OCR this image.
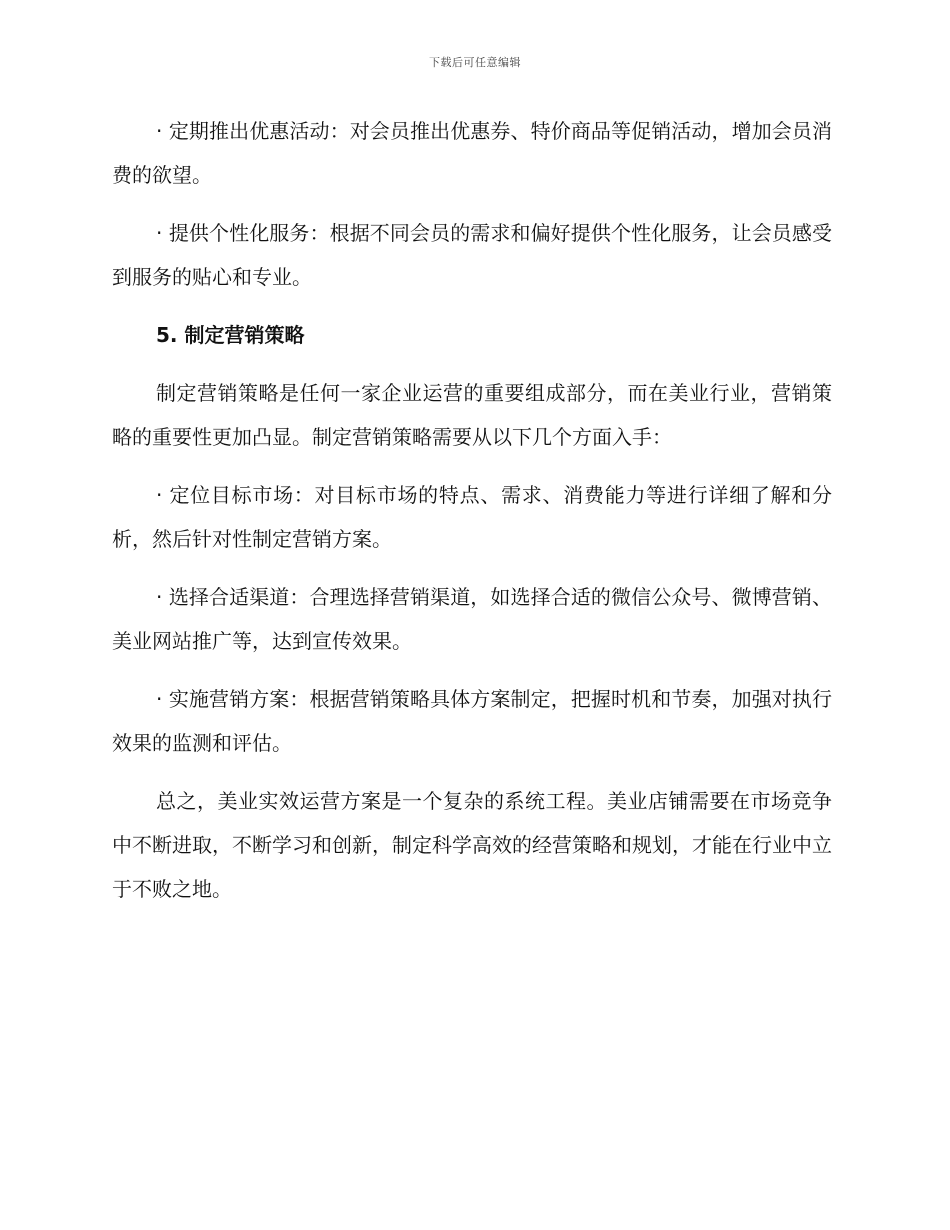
下载后可任意编辑

· 定期推出优惠活动：对会员推出优惠券、特价商品等促销活动，增加会员消费的欲望。

· 提供个性化服务：根据不同会员的需求和偏好提供个性化服务，让会员感受到服务的贴心和专业。

5. 制定营销策略

制定营销策略是任何一家企业运营的重要组成部分，而在美业行业，营销策略的重要性更加凸显。制定营销策略需要从以下几个方面入手：

· 定位目标市场：对目标市场的特点、需求、消费能力等进行详细了解和分析，然后针对性制定营销方案。

· 选择合适渠道：合理选择营销渠道，如选择合适的微信公众号、微博营销、美业网站推广等，达到宣传效果。

· 实施营销方案：根据营销策略具体方案制定，把握时机和节奏，加强对执行效果的监测和评估。

总之，美业实效运营方案是一个复杂的系统工程。美业店铺需要在市场竞争中不断进取，不断学习和创新，制定科学高效的经营策略和规划，才能在行业中立于不败之地。
